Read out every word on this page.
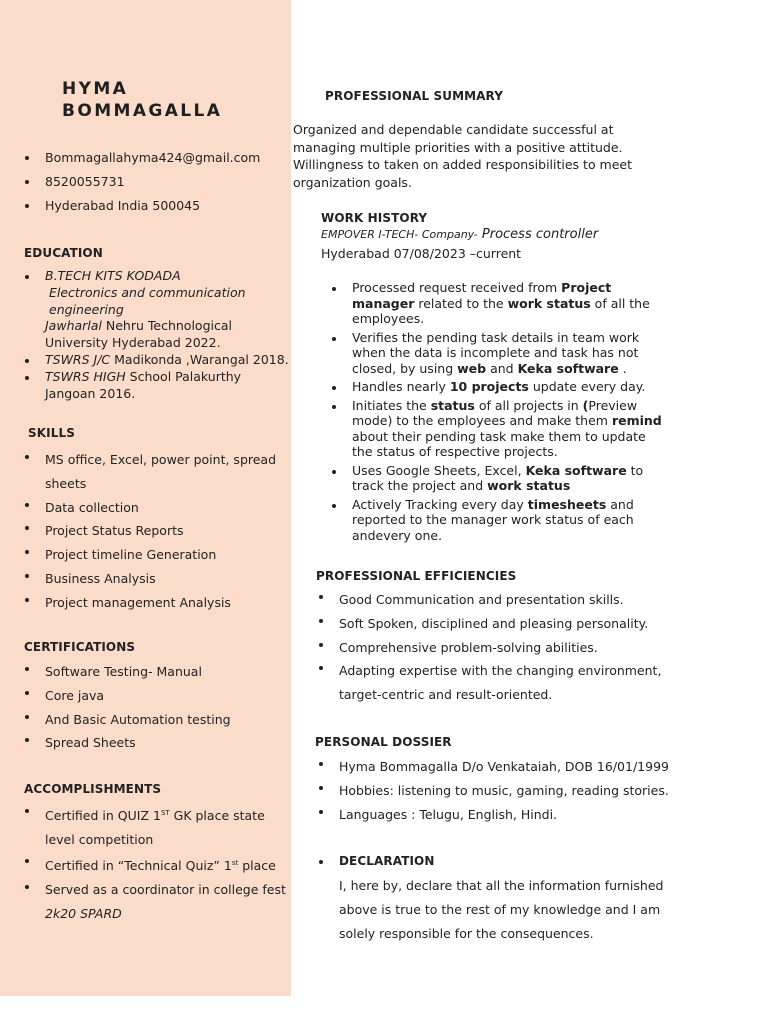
HYMA
BOMMAGALLA
Bommagallahyma424@gmail.com
8520055731
Hyderabad India 500045
EDUCATION
B.TECH KITS KODADA

Electronics and communication engineering
Jawharlal Nehru Technological University Hyderabad 2022.
TSWRS J/C Madikonda ,Warangal 2018.
TSWRS HIGH School Palakurthy Jangoan 2016.
SKILLS
MS office, Excel, power point, spread sheets
Data collection
Project Status Reports
Project timeline Generation
Business Analysis
Project management Analysis
CERTIFICATIONS
Software Testing- Manual
Core java
And Basic Automation testing
Spread Sheets
ACCOMPLISHMENTS
Certified in QUIZ 1ST GK place state level competition
Certified in “Technical Quiz” 1st place
Served as a coordinator in college fest
2k20 SPARD
PROFESSIONAL SUMMARY
Organized and dependable candidate successful at managing multiple priorities with a positive attitude. Willingness to taken on added responsibilities to meet organization goals.
WORK HISTORY
EMPOVER I-TECH- Company- Process controller
Hyderabad 07/08/2023 –current
Processed request received from Project manager related to the work status of all the employees.
Verifies the pending task details in team work when the data is incomplete and task has not closed, by using web and Keka software .
Handles nearly 10 projects update every day.
Initiates the status of all projects in (Preview mode) to the employees and make them remind about their pending task make them to update the status of respective projects.
Uses Google Sheets, Excel, Keka software to track the project and work status
Actively Tracking every day timesheets and reported to the manager work status of each andevery one.
PROFESSIONAL EFFICIENCIES
Good Communication and presentation skills.
Soft Spoken, disciplined and pleasing personality.
Comprehensive problem-solving abilities.
Adapting expertise with the changing environment, target-centric and result-oriented.
PERSONAL DOSSIER
Hyma Bommagalla D/o Venkataiah, DOB 16/01/1999
Hobbies: listening to music, gaming, reading stories.
Languages : Telugu, English, Hindi.
DECLARATION
I, here by, declare that all the information furnished above is true to the rest of my knowledge and I am solely responsible for the consequences.
